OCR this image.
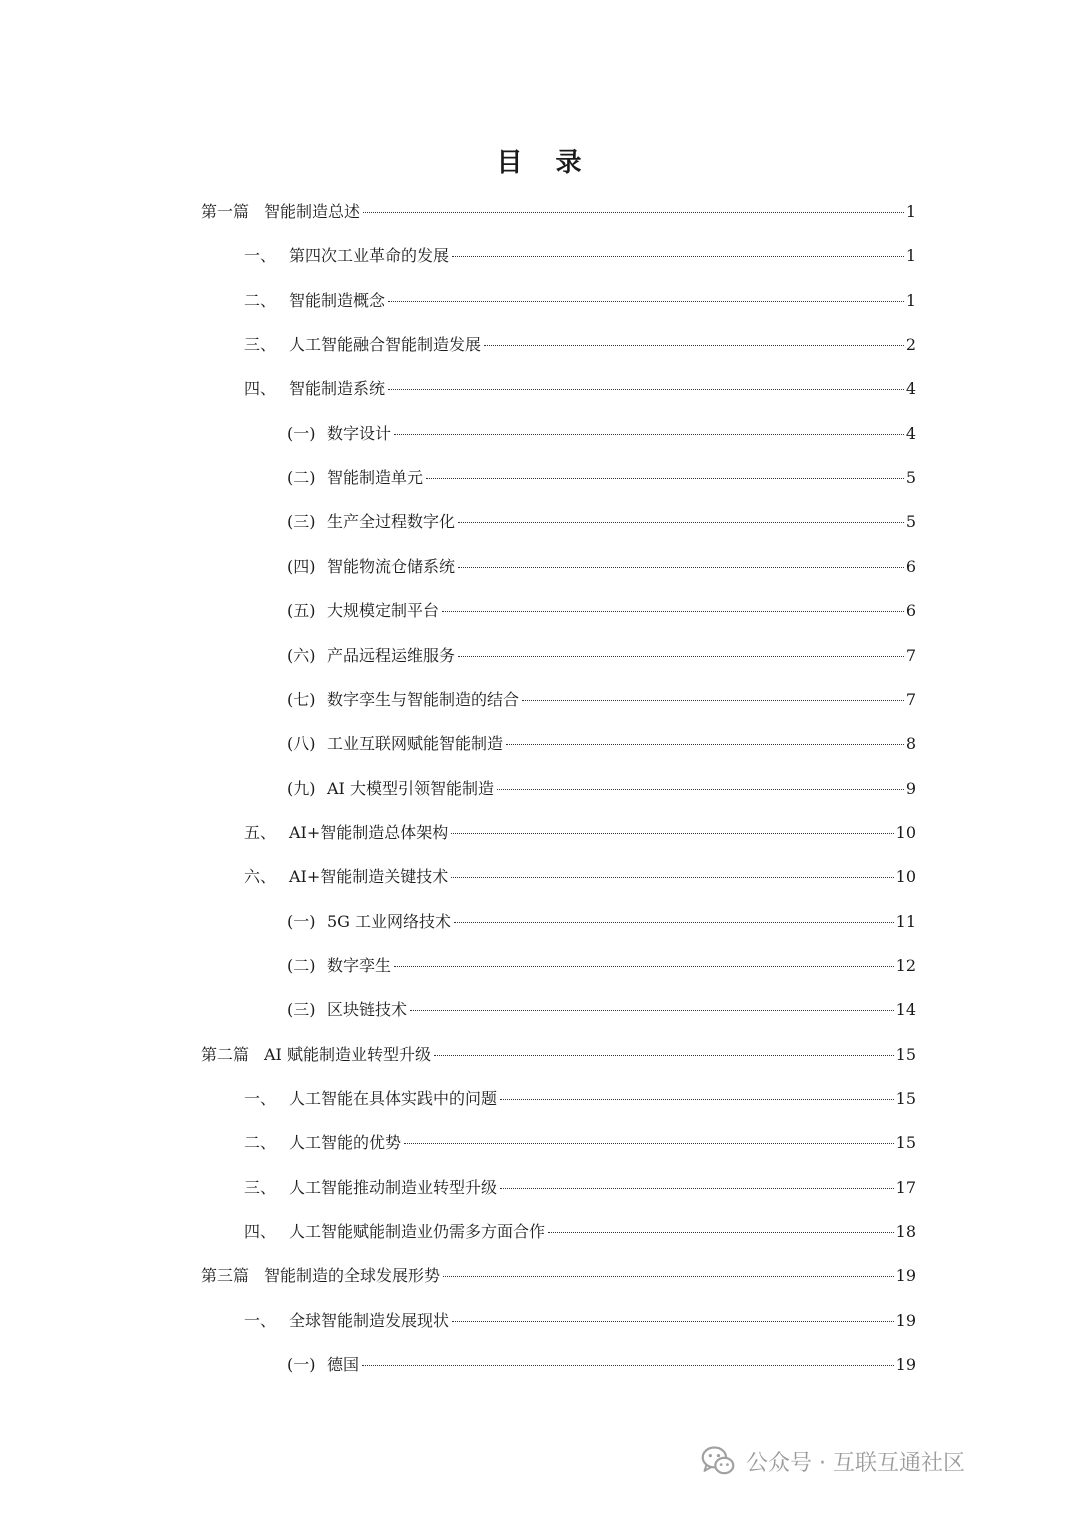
目 录
第一篇 智能制造总述	1
一、 第四次工业革命的发展	1
二、 智能制造概念	1
三、 人工智能融合智能制造发展	2
四、 智能制造系统	4
(一) 数字设计	4
(二) 智能制造单元	5
(三) 生产全过程数字化	5
(四) 智能物流仓储系统	6
(五) 大规模定制平台	6
(六) 产品远程运维服务	7
(七) 数字孪生与智能制造的结合	7
(八) 工业互联网赋能智能制造	8
(九) AI 大模型引领智能制造	9
五、 AI+智能制造总体架构	10
六、 AI+智能制造关键技术	10
(一) 5G 工业网络技术	11
(二) 数字孪生	12
(三) 区块链技术	14
第二篇 AI 赋能制造业转型升级	15
一、 人工智能在具体实践中的问题	15
二、 人工智能的优势	15
三、 人工智能推动制造业转型升级	17
四、 人工智能赋能制造业仍需多方面合作	18
第三篇 智能制造的全球发展形势	19
一、 全球智能制造发展现状	19
(一) 德国	19
公众号 · 互联互通社区
